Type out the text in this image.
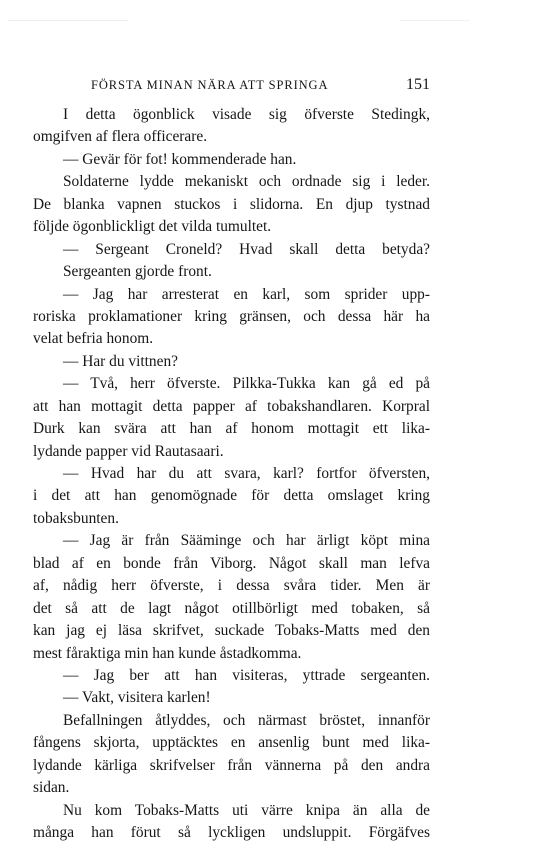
FÖRSTA MINAN NÄRA ATT SPRINGA	151
I detta ögonblick visade sig öfverste Stedingk,
omgifven af flera officerare.
— Gevär för fot! kommenderade han.
Soldaterne lydde mekaniskt och ordnade sig i leder.
De blanka vapnen stuckos i slidorna. En djup tystnad
följde ögonblickligt det vilda tumultet.
— Sergeant Croneld? Hvad skall detta betyda?
Sergeanten gjorde front.
— Jag har arresterat en karl, som sprider upp-
roriska proklamationer kring gränsen, och dessa här ha
velat befria honom.
— Har du vittnen?
— Två, herr öfverste. Pilkka-Tukka kan gå ed på
att han mottagit detta papper af tobakshandlaren. Korpral
Durk kan svära att han af honom mottagit ett lika-
lydande papper vid Rautasaari.
— Hvad har du att svara, karl? fortfor öfversten,
i det att han genomögnade för detta omslaget kring
tobaksbunten.
— Jag är från Sääminge och har ärligt köpt mina
blad af en bonde från Viborg. Något skall man lefva
af, nådig herr öfverste, i dessa svåra tider. Men är
det så att de lagt något otillbörligt med tobaken, så
kan jag ej läsa skrifvet, suckade Tobaks-Matts med den
mest fåraktiga min han kunde åstadkomma.
— Jag ber att han visiteras, yttrade sergeanten.
— Vakt, visitera karlen!
Befallningen åtlyddes, och närmast bröstet, innanför
fångens skjorta, upptäcktes en ansenlig bunt med lika-
lydande kärliga skrifvelser från vännerna på den andra
sidan.
Nu kom Tobaks-Matts uti värre knipa än alla de
många han förut så lyckligen undsluppit. Förgäfves
